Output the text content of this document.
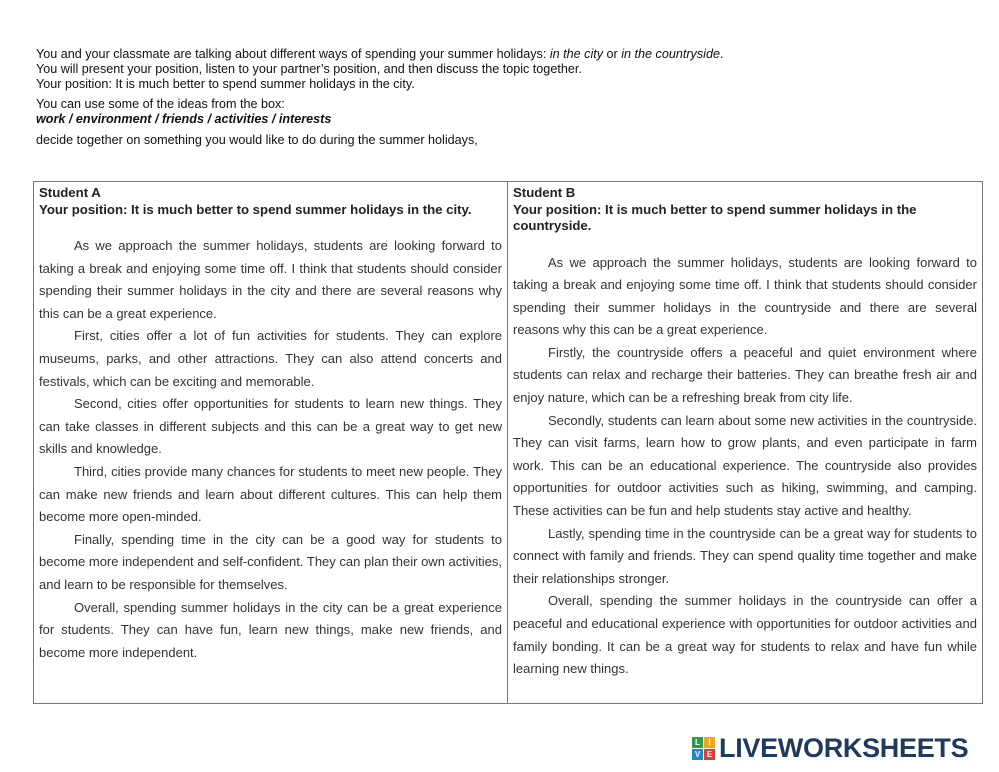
You and your classmate are talking about different ways of spending your summer holidays: in the city or in the countryside.

You will present your position, listen to your partner’s position, and then discuss the topic together.

Your position: It is much better to spend summer holidays in the city.

You can use some of the ideas from the box:

work / environment / friends / activities / interests

decide together on something you would like to do during the summer holidays,

Student A
Your position: It is much better to spend summer holidays in the city.

As we approach the summer holidays, students are looking forward to taking a break and enjoying some time off. I think that students should consider spending their summer holidays in the city and there are several reasons why this can be a great experience.

First, cities offer a lot of fun activities for students. They can explore museums, parks, and other attractions. They can also attend concerts and festivals, which can be exciting and memorable.

Second, cities offer opportunities for students to learn new things. They can take classes in different subjects and this can be a great way to get new skills and knowledge.

Third, cities provide many chances for students to meet new people. They can make new friends and learn about different cultures. This can help them become more open-minded.

Finally, spending time in the city can be a good way for students to become more independent and self-confident. They can plan their own activities, and learn to be responsible for themselves.

Overall, spending summer holidays in the city can be a great experience for students. They can have fun, learn new things, make new friends, and become more independent.

Student B
Your position: It is much better to spend summer holidays in the countryside.

As we approach the summer holidays, students are looking forward to taking a break and enjoying some time off. I think that students should consider spending their summer holidays in the countryside and there are several reasons why this can be a great experience.

Firstly, the countryside offers a peaceful and quiet environment where students can relax and recharge their batteries. They can breathe fresh air and enjoy nature, which can be a refreshing break from city life.

Secondly, students can learn about some new activities in the countryside. They can visit farms, learn how to grow plants, and even participate in farm work. This can be an educational experience. The countryside also provides opportunities for outdoor activities such as hiking, swimming, and camping. These activities can be fun and help students stay active and healthy.

Lastly, spending time in the countryside can be a great way for students to connect with family and friends. They can spend quality time together and make their relationships stronger.

Overall, spending the summer holidays in the countryside can offer a peaceful and educational experience with opportunities for outdoor activities and family bonding. It can be a great way for students to relax and have fun while learning new things.

L	I
V E LIVEWORKSHEETS
